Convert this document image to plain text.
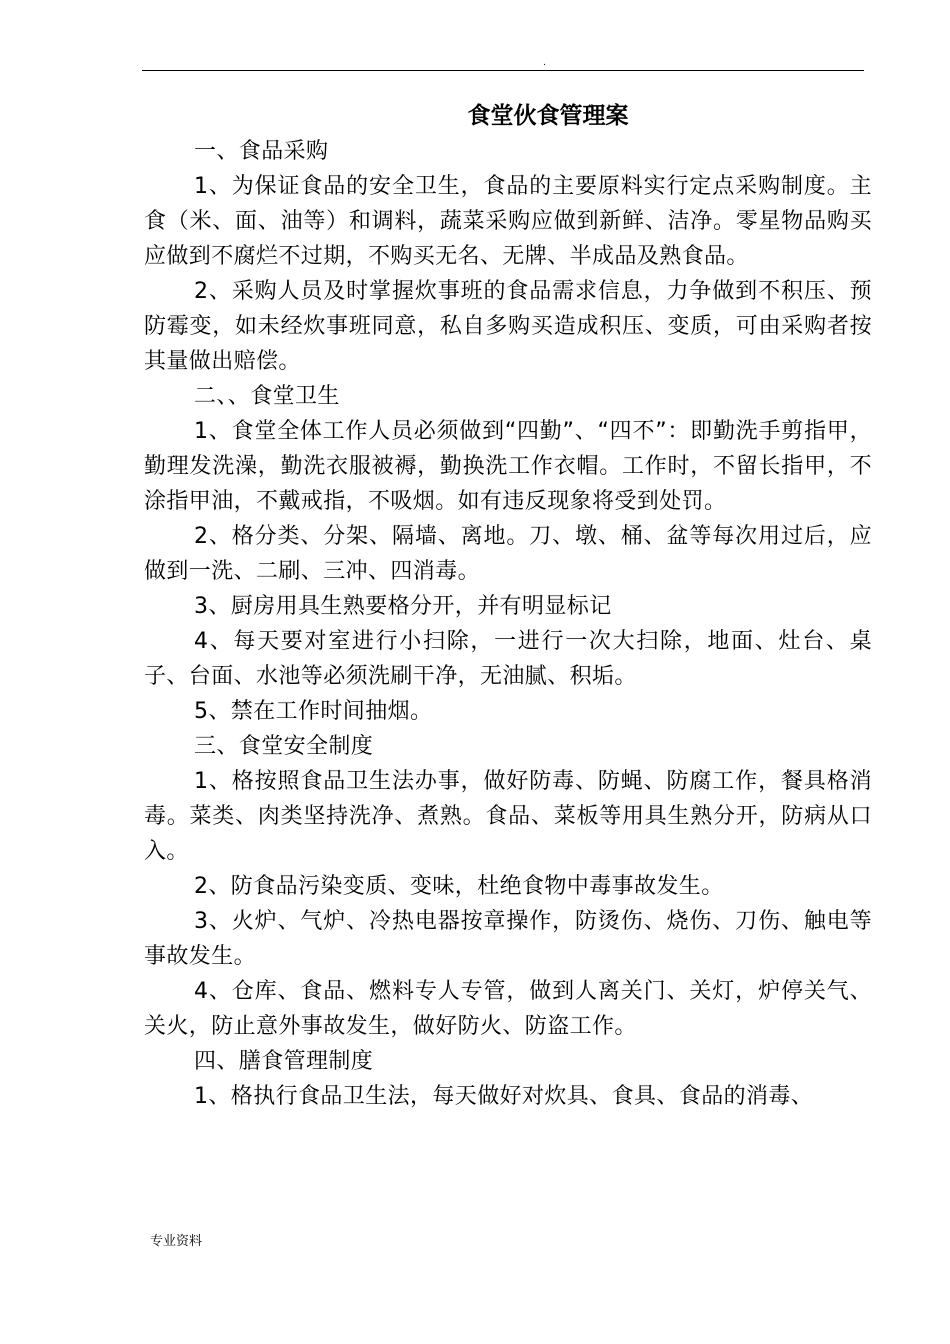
.
食堂伙食管理案

一、食品采购

1、为保证食品的安全卫生，食品的主要原料实行定点采购制度。主食（米、面、油等）和调料，蔬菜采购应做到新鲜、洁净。零星物品购买应做到不腐烂不过期，不购买无名、无牌、半成品及熟食品。

2、采购人员及时掌握炊事班的食品需求信息，力争做到不积压、预防霉变，如未经炊事班同意，私自多购买造成积压、变质，可由采购者按其量做出赔偿。

二、、食堂卫生

1、食堂全体工作人员必须做到“四勤”、“四不”：即勤洗手剪指甲，勤理发洗澡，勤洗衣服被褥，勤换洗工作衣帽。工作时，不留长指甲，不涂指甲油，不戴戒指，不吸烟。如有违反现象将受到处罚。

2、格分类、分架、隔墙、离地。刀、墩、桶、盆等每次用过后，应做到一洗、二刷、三冲、四消毒。

3、厨房用具生熟要格分开，并有明显标记

4、每天要对室进行小扫除，一进行一次大扫除，地面、灶台、桌子、台面、水池等必须洗刷干净，无油腻、积垢。

5、禁在工作时间抽烟。

三、食堂安全制度

1、格按照食品卫生法办事，做好防毒、防蝇、防腐工作，餐具格消毒。菜类、肉类坚持洗净、煮熟。食品、菜板等用具生熟分开，防病从口入。

2、防食品污染变质、变味，杜绝食物中毒事故发生。

3、火炉、气炉、冷热电器按章操作，防烫伤、烧伤、刀伤、触电等事故发生。

4、仓库、食品、燃料专人专管，做到人离关门、关灯，炉停关气、关火，防止意外事故发生，做好防火、防盗工作。

四、膳食管理制度

1、格执行食品卫生法，每天做好对炊具、食具、食品的消毒、

专业资料
